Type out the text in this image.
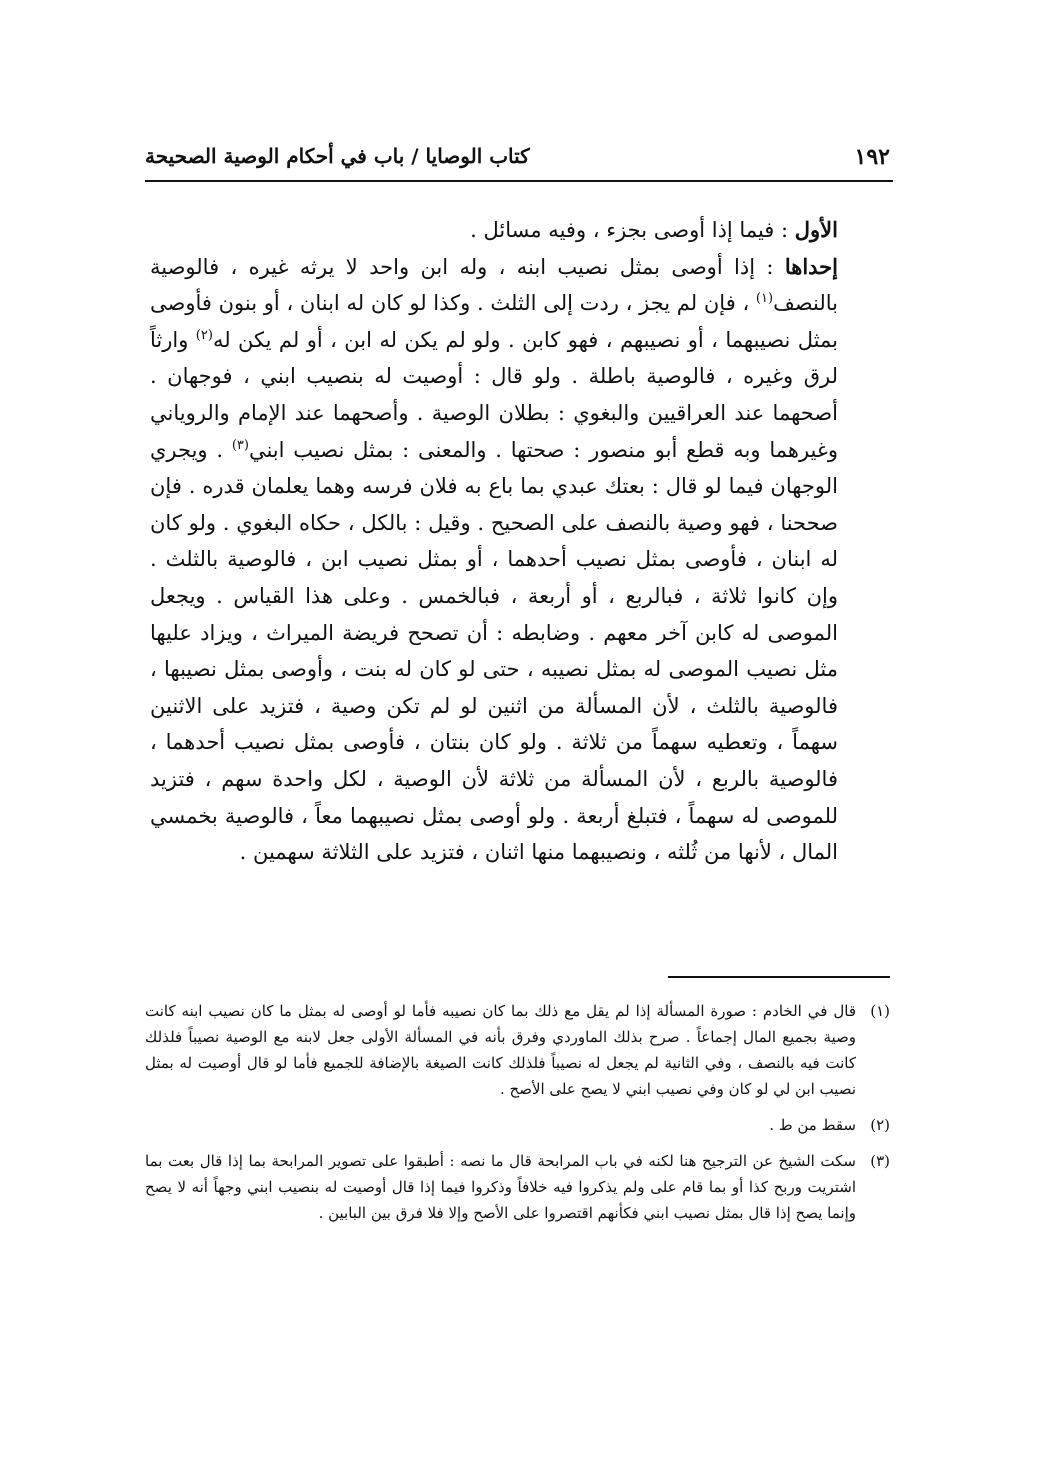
١٩٢
كتاب الوصايا / باب في أحكام الوصية الصحيحة

الأول : فيما إذا أوصى بجزء ، وفيه مسائل .

إحداها : إذا أوصى بمثل نصيب ابنه ، وله ابن واحد لا يرثه غيره ، فالوصية بالنصف$^{(١)}$ ، فإن لم يجز ، ردت إلى الثلث . وكذا لو كان له ابنان ، أو بنون فأوصى بمثل نصيبهما ، أو نصيبهم ، فهو كابن . ولو لم يكن له ابن ، أو لم يكن له$^{(٢)}$ وارثاً لرق وغيره ، فالوصية باطلة . ولو قال : أوصيت له بنصيب ابني ، فوجهان . أصحهما عند العراقيين والبغوي : بطلان الوصية . وأصحهما عند الإمام والروياني وغيرهما وبه قطع أبو منصور : صحتها . والمعنى : بمثل نصيب ابني$^{(٣)}$ . ويجري الوجهان فيما لو قال : بعتك عبدي بما باع به فلان فرسه وهما يعلمان قدره . فإن صححنا ، فهو وصية بالنصف على الصحيح . وقيل : بالكل ، حكاه البغوي . ولو كان له ابنان ، فأوصى بمثل نصيب أحدهما ، أو بمثل نصيب ابن ، فالوصية بالثلث . وإن كانوا ثلاثة ، فبالربع ، أو أربعة ، فبالخمس . وعلى هذا القياس . ويجعل الموصى له كابن آخر معهم . وضابطه : أن تصحح فريضة الميراث ، ويزاد عليها مثل نصيب الموصى له بمثل نصيبه ، حتى لو كان له بنت ، وأوصى بمثل نصيبها ، فالوصية بالثلث ، لأن المسألة من اثنين لو لم تكن وصية ، فتزيد على الاثنين سهماً ، وتعطيه سهماً من ثلاثة . ولو كان بنتان ، فأوصى بمثل نصيب أحدهما ، فالوصية بالربع ، لأن المسألة من ثلاثة لأن الوصية ، لكل واحدة سهم ، فتزيد للموصى له سهماً ، فتبلغ أربعة . ولو أوصى بمثل نصيبهما معاً ، فالوصية بخمسي المال ، لأنها من ثُلثه ، ونصيبهما منها اثنان ، فتزيد على الثلاثة سهمين .

(١)
قال في الخادم : صورة المسألة إذا لم يقل مع ذلك بما كان نصيبه فأما لو أوصى له بمثل ما كان نصيب ابنه كانت وصية بجميع المال إجماعاً . صرح بذلك الماوردي وفرق بأنه في المسألة الأولى جعل لابنه مع الوصية نصيباً فلذلك كانت فيه بالنصف ، وفي الثانية لم يجعل له نصيباً فلذلك كانت الصيغة بالإضافة للجميع فأما لو قال أوصيت له بمثل نصيب ابن لي لو كان وفي نصيب ابني لا يصح على الأصح .
(٢)
سقط من ط .
(٣)
سكت الشيخ عن الترجيح هنا لكنه في باب المرابحة قال ما نصه : أطبقوا على تصوير المرابحة بما إذا قال بعت بما اشتريت وربح كذا أو بما قام على ولم يذكروا فيه خلافاً وذكروا فيما إذا قال أوصيت له بنصيب ابني وجهاً أنه لا يصح وإنما يصح إذا قال بمثل نصيب ابني فكأنهم اقتصروا على الأصح وإلا فلا فرق بين البابين .
